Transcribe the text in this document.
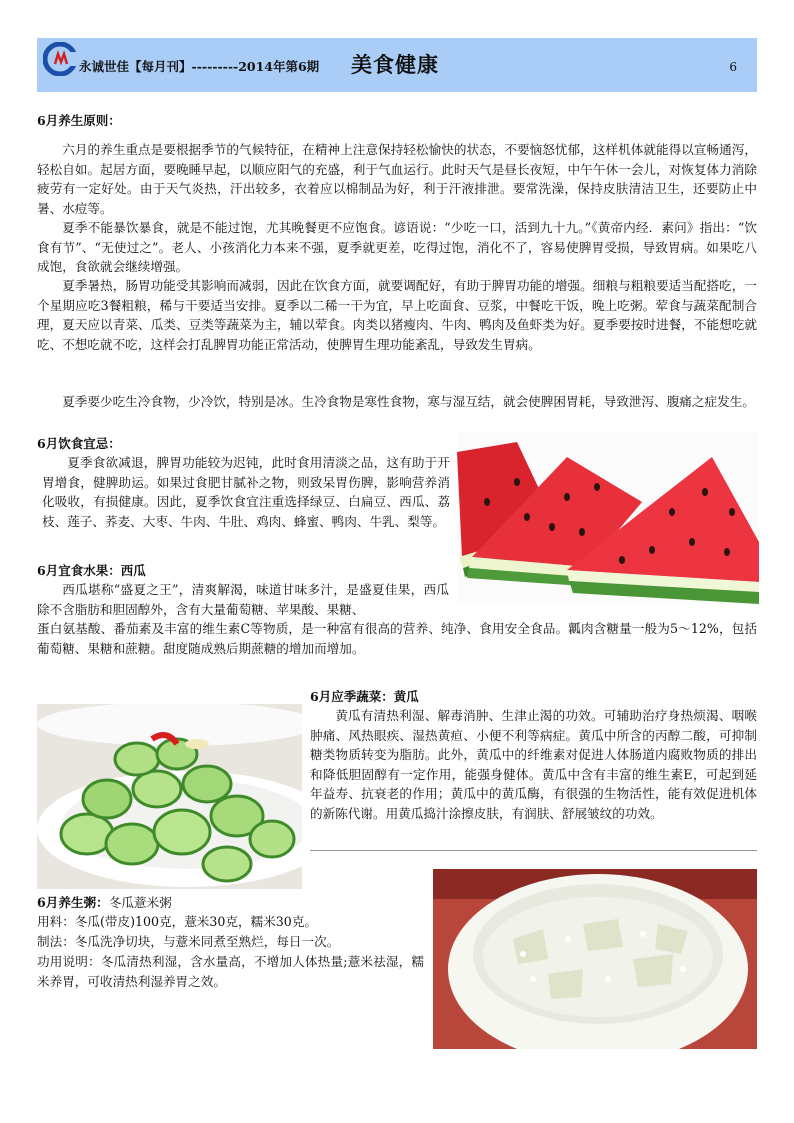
永诚世佳【每月刊】---------2014年第6期 美食健康	6
6月养生原则：
六月的养生重点是要根据季节的气候特征，在精神上注意保持轻松愉快的状态，不要恼怒忧郁，这样机体就能得以宣畅通泻，轻松自如。起居方面，要晚睡早起，以顺应阳气的充盛，利于气血运行。此时天气是昼长夜短，中午午休一会儿，对恢复体力消除疲劳有一定好处。由于天气炎热，汗出较多，衣着应以棉制品为好，利于汗液排泄。要常洗澡，保持皮肤清洁卫生，还要防止中暑、水痘等。
夏季不能暴饮暴食，就是不能过饱，尤其晚餐更不应饱食。谚语说：“少吃一口，活到九十九。”《黄帝内经．素问》指出：“饮食有节”、“无使过之”。老人、小孩消化力本来不强，夏季就更差，吃得过饱，消化不了，容易使脾胃受损，导致胃病。如果吃八成饱，食欲就会继续增强。
夏季暑热，肠胃功能受其影响而减弱，因此在饮食方面，就要调配好，有助于脾胃功能的增强。细粮与粗粮要适当配搭吃，一个星期应吃3餐粗粮，稀与干要适当安排。夏季以二稀一干为宜，早上吃面食、豆浆，中餐吃干饭，晚上吃粥。荤食与蔬菜配制合理，夏天应以青菜、瓜类、豆类等蔬菜为主，辅以荤食。肉类以猪瘦肉、牛肉、鸭肉及鱼虾类为好。夏季要按时进餐，不能想吃就吃、不想吃就不吃，这样会打乱脾胃功能正常活动，使脾胃生理功能紊乱，导致发生胃病。
夏季要少吃生冷食物，少冷饮，特别是冰。生冷食物是寒性食物，寒与湿互结，就会使脾困胃耗，导致泄泻、腹痛之症发生。
6月饮食宜忌：
夏季食欲减退，脾胃功能较为迟钝，此时食用清淡之品，这有助于开胃增食，健脾助运。如果过食肥甘腻补之物，则致呆胃伤脾，影响营养消化吸收，有损健康。因此，夏季饮食宜注重选择绿豆、白扁豆、西瓜、荔枝、莲子、荞麦、大枣、牛肉、牛肚、鸡肉、蜂蜜、鸭肉、牛乳、梨等。
6月宜食水果：西瓜
西瓜堪称“盛夏之王”，清爽解渴，味道甘味多汁，是盛夏佳果，西瓜除不含脂肪和胆固醇外，含有大量葡萄糖、苹果酸、果糖、
蛋白氨基酸、番茄素及丰富的维生素C等物质，是一种富有很高的营养、纯净、食用安全食品。瓤肉含糖量一般为5～12%，包括葡萄糖、果糖和蔗糖。甜度随成熟后期蔗糖的增加而增加。
6月应季蔬菜：黄瓜
黄瓜有清热利湿、解毒消肿、生津止渴的功效。可辅助治疗身热烦渴、咽喉肿痛、风热眼疾、湿热黄疸、小便不利等病症。黄瓜中所含的丙醇二酸，可抑制糖类物质转变为脂肪。此外，黄瓜中的纤维素对促进人体肠道内腐败物质的排出和降低胆固醇有一定作用，能强身健体。黄瓜中含有丰富的维生素E，可起到延年益寿、抗衰老的作用；黄瓜中的黄瓜酶，有很强的生物活性，能有效促进机体的新陈代谢。用黄瓜捣汁涂擦皮肤，有润肤、舒展皱纹的功效。
6月养生粥：冬瓜薏米粥
用料：冬瓜(带皮)100克，薏米30克，糯米30克。
制法：冬瓜洗净切块，与薏米同煮至熟烂，每日一次。
功用说明：冬瓜清热利湿，含水量高，不增加人体热量;薏米祛湿，糯米养胃，可收清热利湿养胃之效。
